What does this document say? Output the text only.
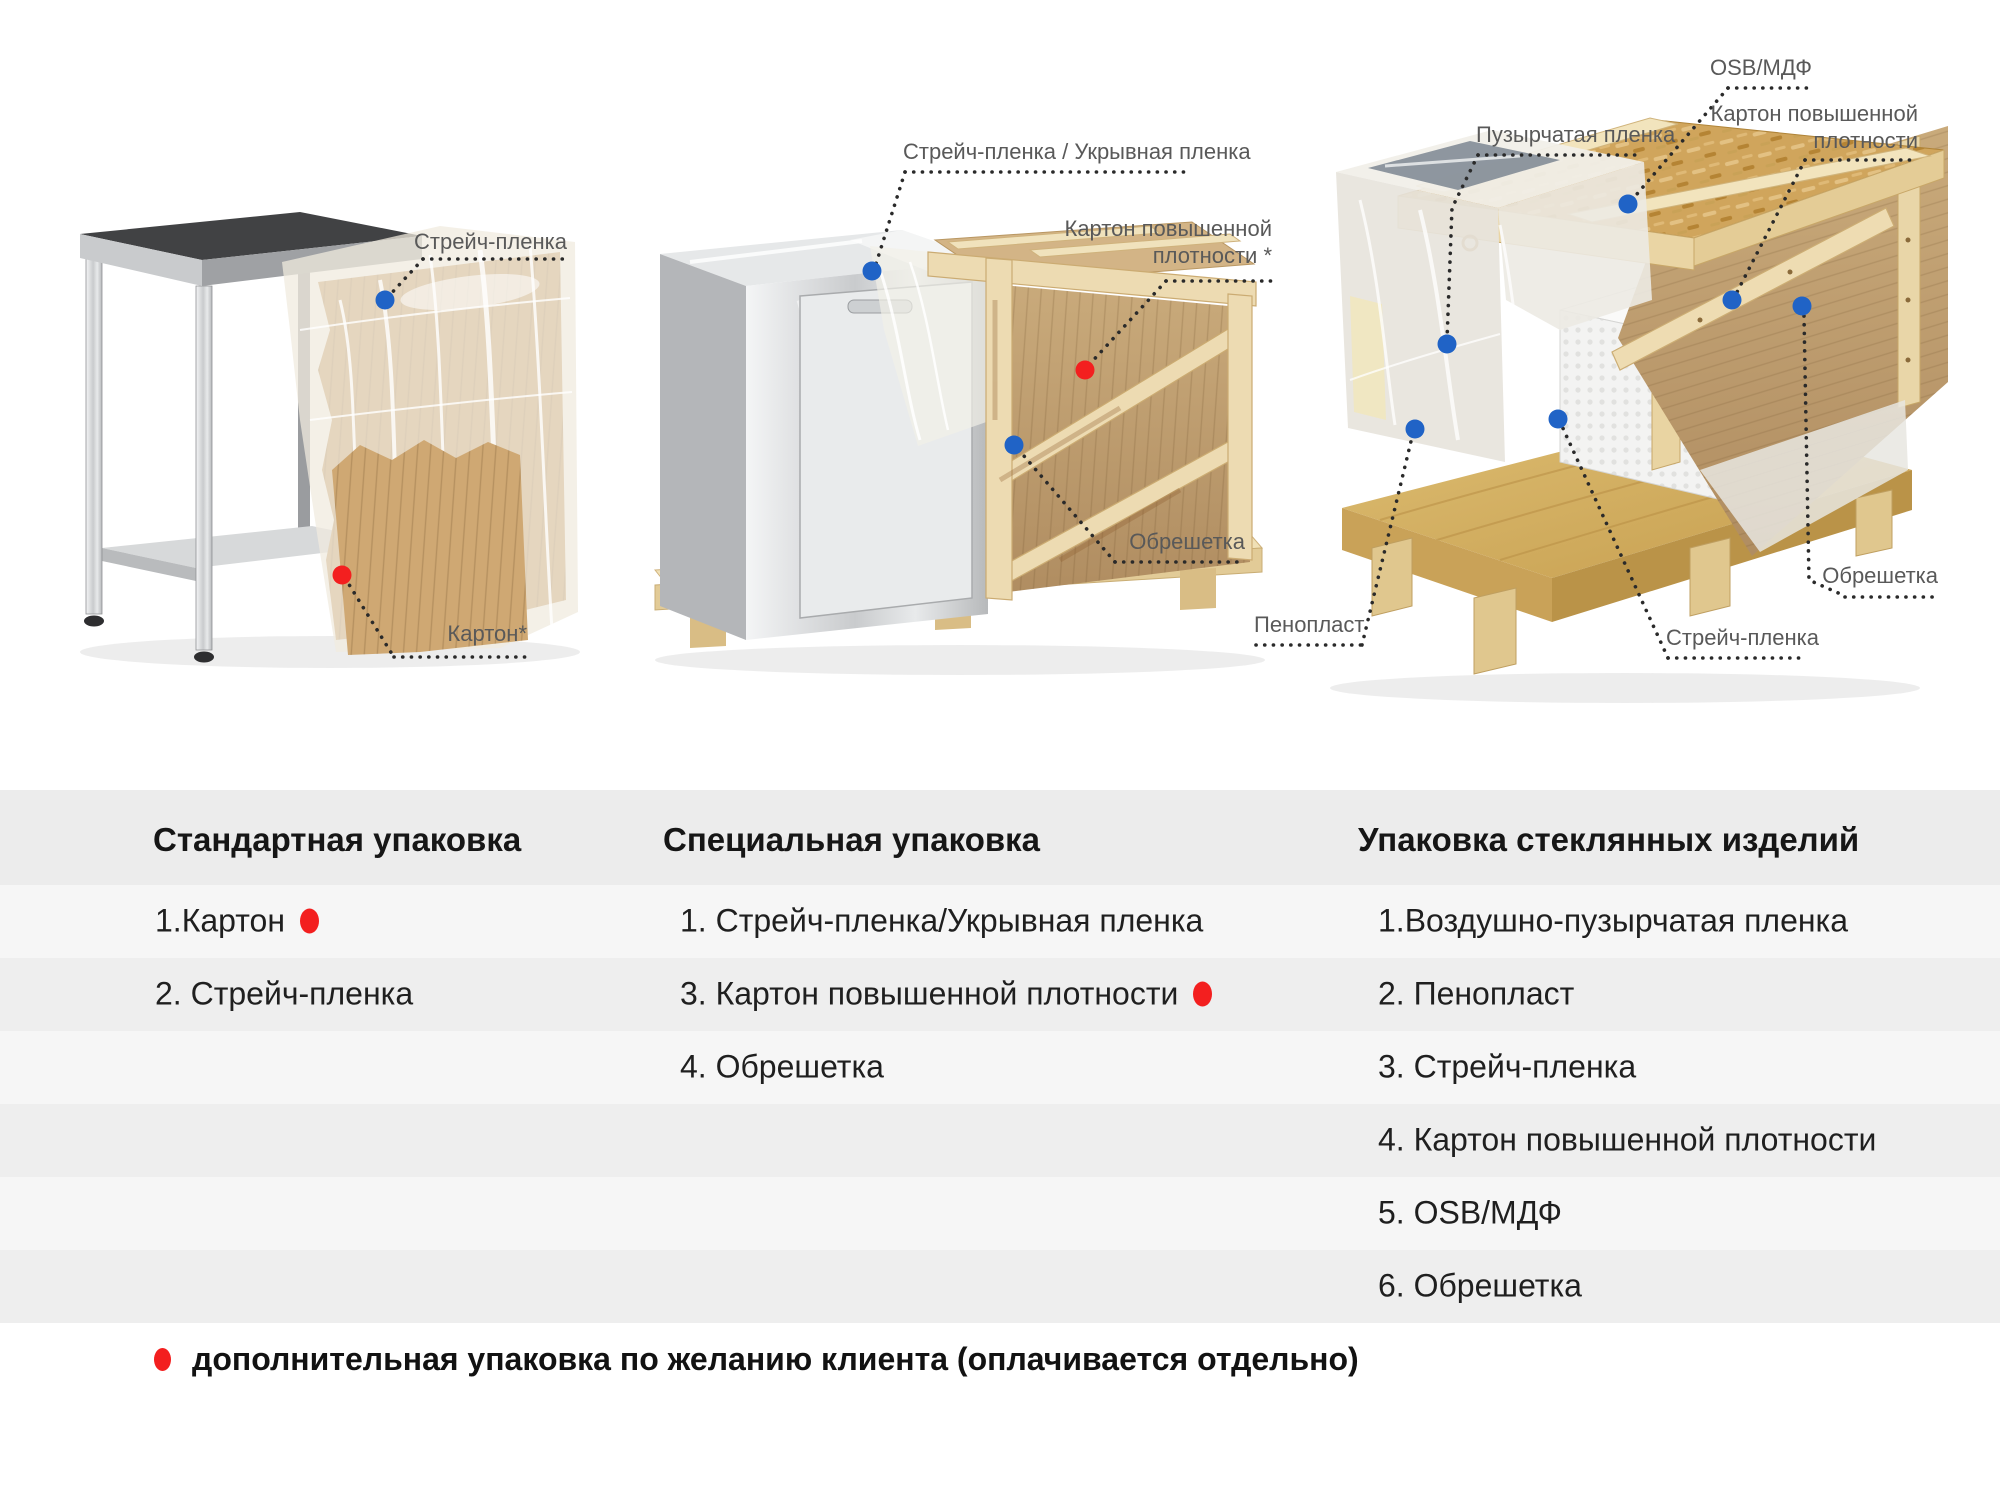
Стрейч-пленка
Картон*
Стрейч-пленка / Укрывная пленка
Картон повышенной плотности *
Обрешетка
OSB/МДФ
Картон повышенной плотности
Пузырчатая пленка
Обрешетка
Стрейч-пленка
Пенопласт
Стандартная упаковка	Специальная упаковка	Упаковка стеклянных изделий
1.Картон
2. Стрейч-пленка
1. Стрейч-пленка/Укрывная пленка
3. Картон повышенной плотности
4. Обрешетка
1.Воздушно-пузырчатая пленка
2. Пенопласт
3. Стрейч-пленка
4. Картон повышенной плотности
5. OSB/МДФ
6. Обрешетка
дополнительная упаковка по желанию клиента (оплачивается отдельно)
